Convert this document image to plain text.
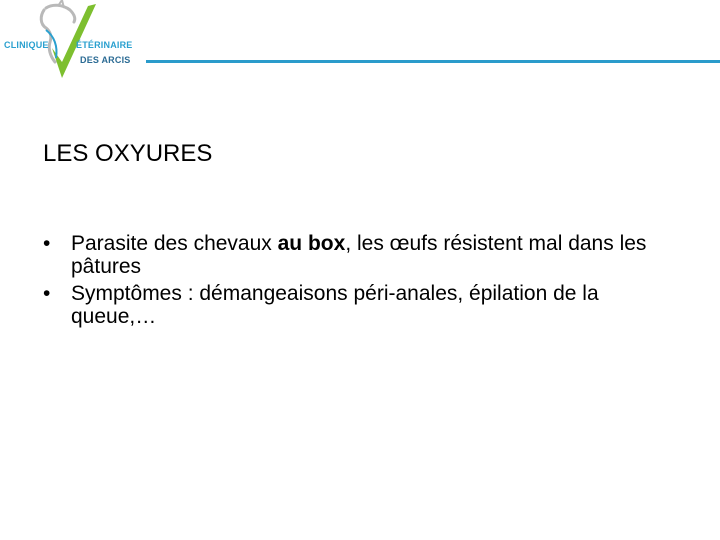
CLINIQUE	ÉTÉRINAIRE
DES ARCIS
LES OXYURES
• Parasite des chevaux au box, les œufs résistent mal dans les pâtures
• Symptômes : démangeaisons péri-anales, épilation de la queue,…
